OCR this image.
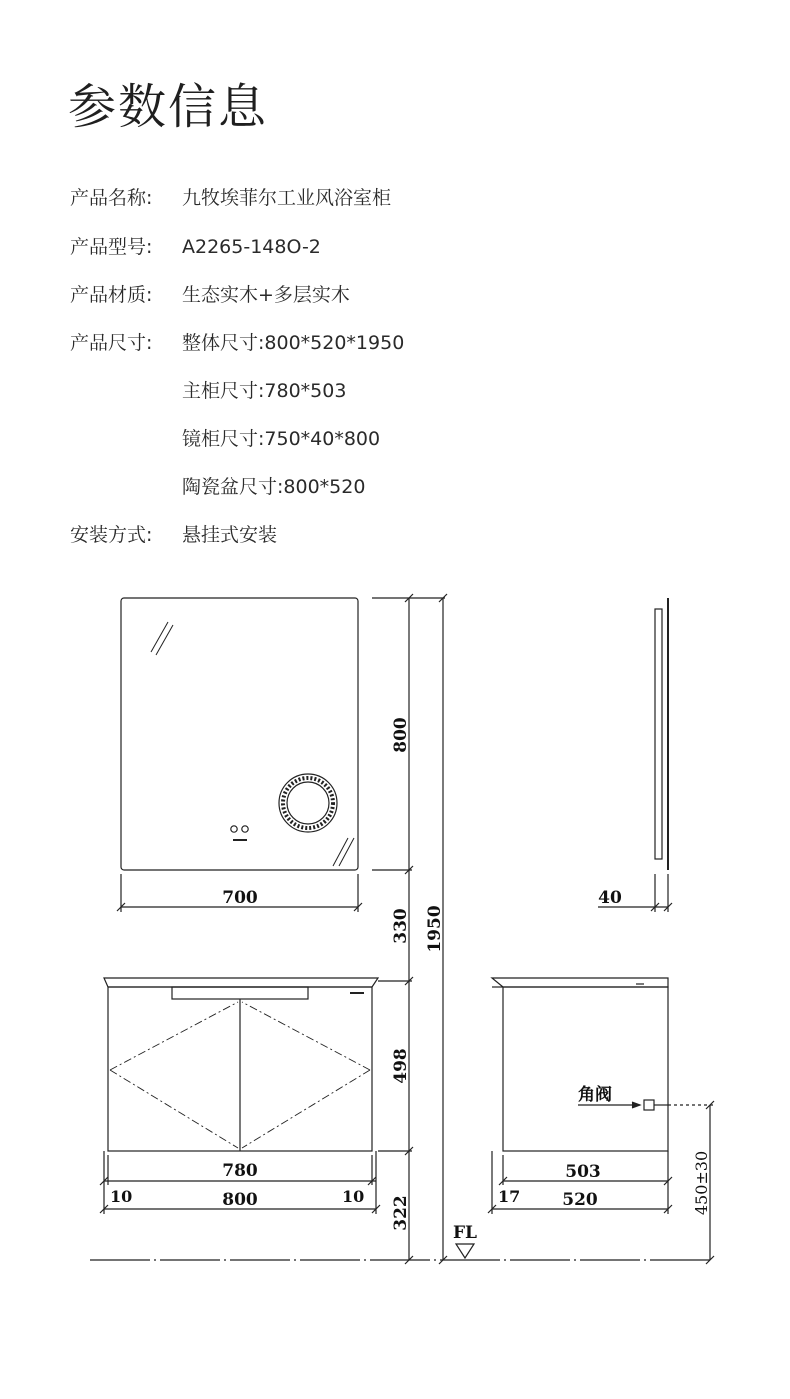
参数信息
产品名称: 九牧埃菲尔工业风浴室柜
产品型号: A2265-148O-2
产品材质: 生态实木+多层实木
产品尺寸: 整体尺寸:800*520*1950
主柜尺寸:780*503
镜柜尺寸:750*40*800
陶瓷盆尺寸:800*520
安装方式: 悬挂式安装
700	40
800
330
498
322
1950
780
800
10	10
503
520
17	450±30
角阀
FL
